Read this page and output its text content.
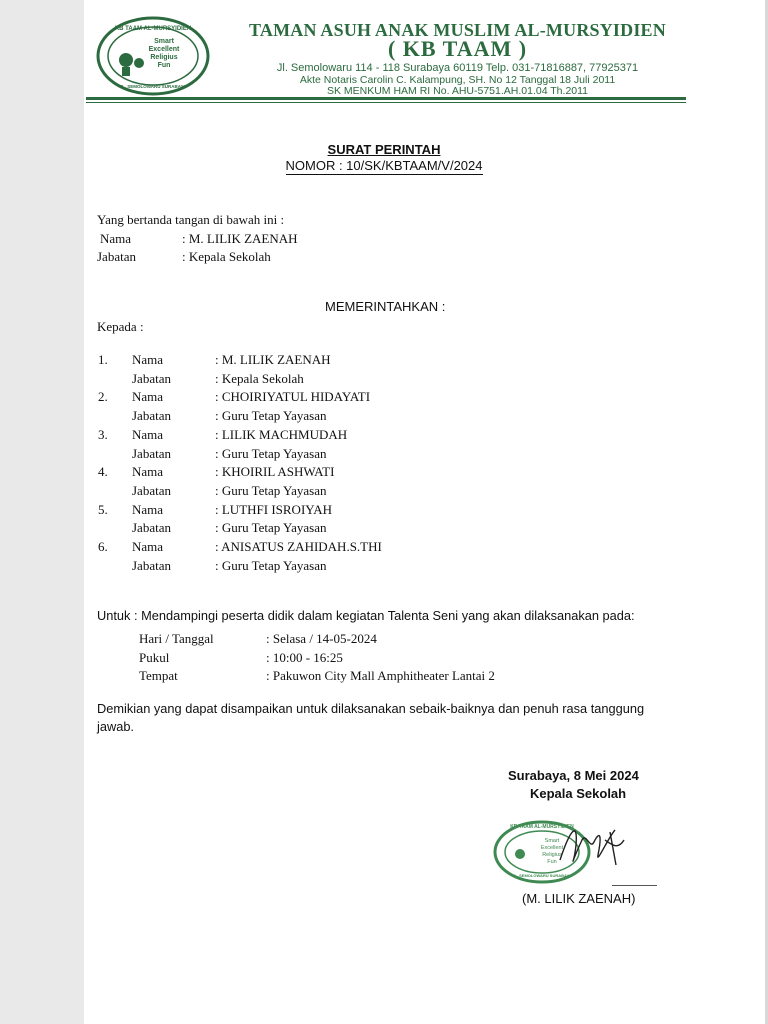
KB TAAM AL-MURSYIDIEN
Smart
Excellent
Religius
Fun
JL. SEMOLOWARU SURABAYA
TAMAN ASUH ANAK MUSLIM AL-MURSYIDIEN
( KB TAAM )
Jl. Semolowaru 114 - 118 Surabaya 60119 Telp. 031-71816887, 77925371
Akte Notaris Carolin C. Kalampung, SH. No 12 Tanggal 18 Juli 2011
SK MENKUM HAM RI No. AHU-5751.AH.01.04 Th.2011
SURAT PERINTAH
NOMOR : 10/SK/KBTAAM/V/2024
Yang bertanda tangan di bawah ini :
Nama	: M. LILIK ZAENAH
Jabatan	: Kepala Sekolah
MEMERINTAHKAN :
Kepada :
1. Nama	: M. LILIK ZAENAH
Jabatan	: Kepala Sekolah
2. Nama	: CHOIRIYATUL HIDAYATI
Jabatan	: Guru Tetap Yayasan
3. Nama	: LILIK MACHMUDAH
Jabatan	: Guru Tetap Yayasan
4. Nama	: KHOIRIL ASHWATI
Jabatan	: Guru Tetap Yayasan
5. Nama	: LUTHFI ISROIYAH
Jabatan	: Guru Tetap Yayasan
6. Nama	: ANISATUS ZAHIDAH.S.THI
Jabatan	: Guru Tetap Yayasan
Untuk : Mendampingi peserta didik dalam kegiatan Talenta Seni yang akan dilaksanakan pada:
Hari / Tanggal	: Selasa / 14-05-2024
Pukul	: 10:00 - 16:25
Tempat	: Pakuwon City Mall Amphitheater Lantai 2
Demikian yang dapat disampaikan untuk dilaksanakan sebaik-baiknya dan penuh rasa tanggung
jawab.
Surabaya, 8 Mei 2024
Kepala Sekolah
KB TAAM AL-MURSYIDIEN
Smart
Excellent
Religius
Fun
JL. SEMOLOWARU SURABAYA
(M. LILIK ZAENAH)
